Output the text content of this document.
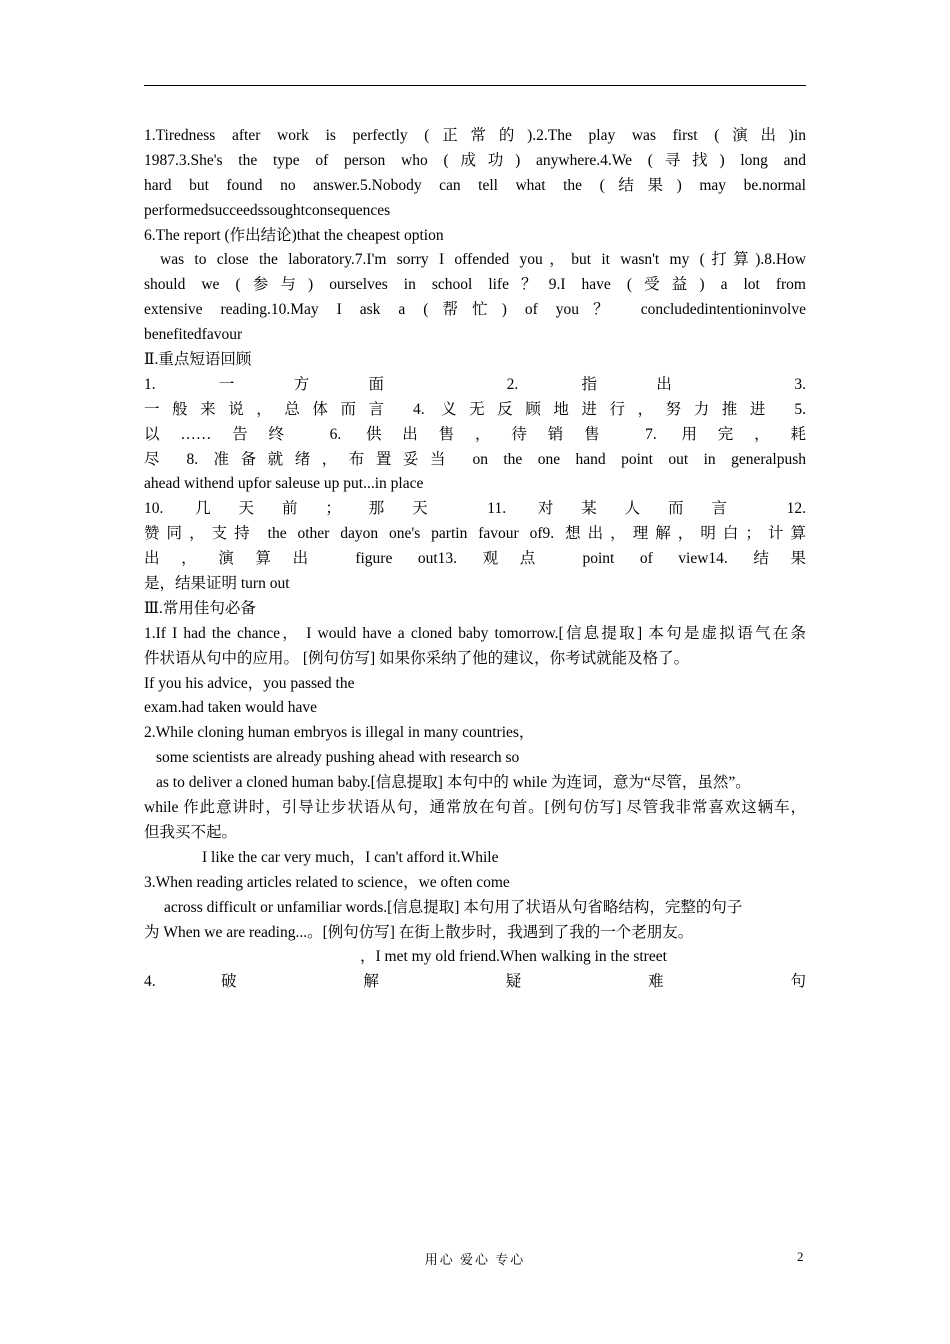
1.Tiredness after work is perfectly (正常的).2.The play was first (演出)in
1987.3.She's the type of person who (成功) anywhere.4.We (寻找) long and
hard but found no answer.5.Nobody can tell what the (结果) may be.normal
performedsucceedssoughtconsequences
6.The report (作出结论)that the cheapest option
was to close the laboratory.7.I'm sorry I offended you，but it wasn't my (打算).8.How
should we (参与) ourselves in school life？9.I have (受益) a lot from
extensive reading.10.May I ask a (帮忙) of you？ concludedintentioninvolve
benefitedfavour
Ⅱ.重点短语回顾
1. 一方面 2. 指出 3.
一般来说，总体而言 4. 义无反顾地进行，努力推进 5.
以……告终 6. 供出售，待销售 7. 用完，耗
尽 8. 准备就绪，布置妥当 on the one hand point out in generalpush
ahead withend upfor saleuse up put...in place
10. 几天前；那天 11. 对某人而言 12.
赞同，支持 the other dayon one's partin favour of9. 想出，理解，明白；计算
出，演算出 figure out13. 观点 point of view14. 结果
是，结果证明 turn out
Ⅲ.常用佳句必备
1.If I had the chance， I would have a cloned baby tomorrow.[信息提取] 本句是虚拟语气在条
件状语从句中的应用。 [例句仿写] 如果你采纳了他的建议，你考试就能及格了。
If you his advice，you passed the
exam.had taken would have
2.While cloning human embryos is illegal in many countries，
some scientists are already pushing ahead with research so
as to deliver a cloned human baby.[信息提取] 本句中的 while 为连词，意为“尽管，虽然”。
while 作此意讲时，引导让步状语从句，通常放在句首。[例句仿写] 尽管我非常喜欢这辆车，
但我买不起。
I like the car very much，I can't afford it.While
3.When reading articles related to science，we often come
across difficult or unfamiliar words.[信息提取] 本句用了状语从句省略结构，完整的句子
为 When we are reading...。[例句仿写] 在街上散步时，我遇到了我的一个老朋友。
，I met my old friend.When walking in the street
4. 破 解 疑 难 句
用心 爱心 专心	2
